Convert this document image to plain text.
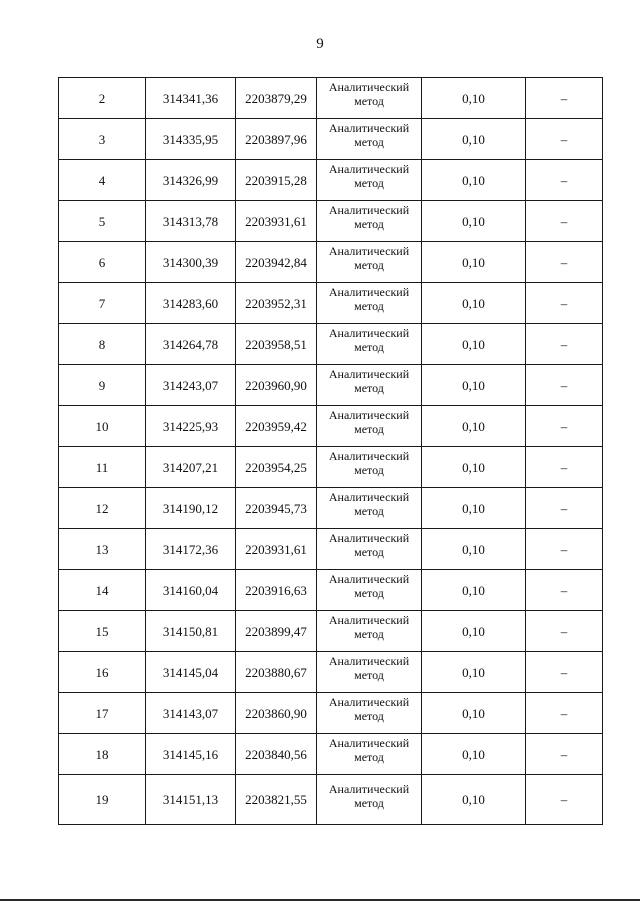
9
2	314341,36	2203879,29	Аналитический
метод	0,10	–
3	314335,95	2203897,96	Аналитический
метод	0,10	–
4	314326,99	2203915,28	Аналитический
метод	0,10	–
5	314313,78	2203931,61	Аналитический
метод	0,10	–
6	314300,39	2203942,84	Аналитический
метод	0,10	–
7	314283,60	2203952,31	Аналитический
метод	0,10	–
8	314264,78	2203958,51	Аналитический
метод	0,10	–
9	314243,07	2203960,90	Аналитический
метод	0,10	–
10	314225,93	2203959,42	Аналитический
метод	0,10	–
11	314207,21	2203954,25	Аналитический
метод	0,10	–
12	314190,12	2203945,73	Аналитический
метод	0,10	–
13	314172,36	2203931,61	Аналитический
метод	0,10	–
14	314160,04	2203916,63	Аналитический
метод	0,10	–
15	314150,81	2203899,47	Аналитический
метод	0,10	–
16	314145,04	2203880,67	Аналитический
метод	0,10	–
17	314143,07	2203860,90	Аналитический
метод	0,10	–
18	314145,16	2203840,56	Аналитический
метод	0,10	–
19	314151,13	2203821,55	Аналитический
метод	0,10	–
